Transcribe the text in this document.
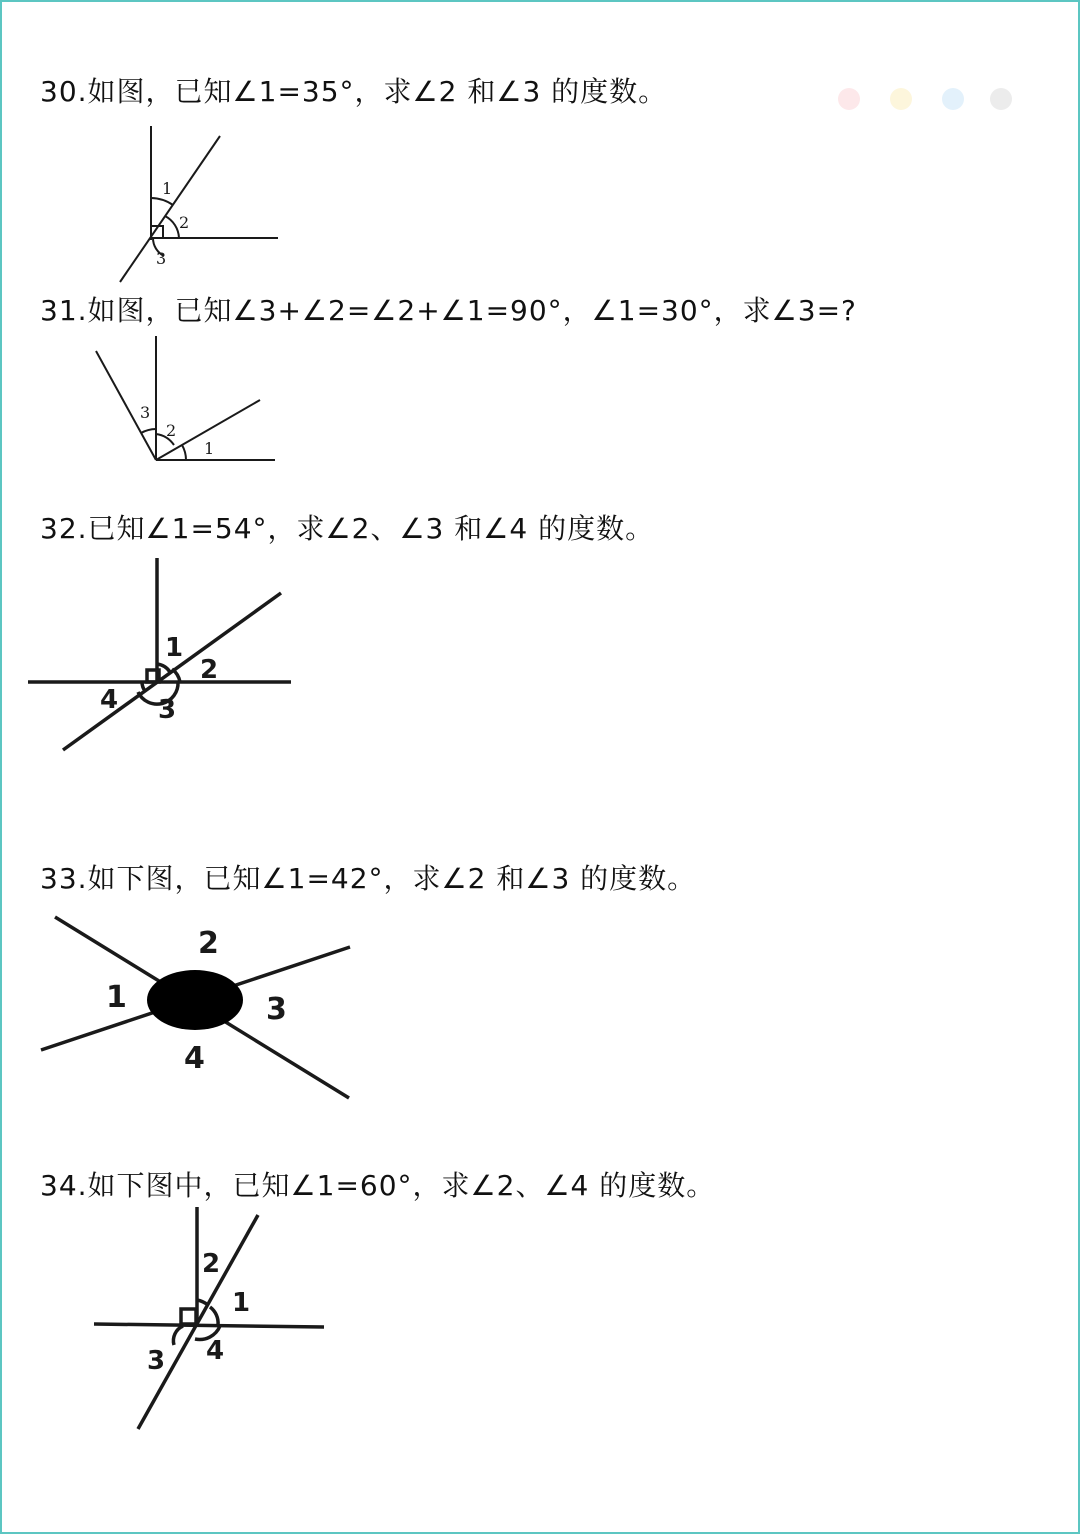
30.如图，已知∠1=35°，求∠2 和∠3 的度数。
1
2
3
31.如图，已知∠3+∠2=∠2+∠1=90°，∠1=30°，求∠3=?
3
2
1
32.已知∠1=54°，求∠2、∠3 和∠4 的度数。
1
2
4 3
33.如下图，已知∠1=42°，求∠2 和∠3 的度数。
2
1	3
4
34.如下图中，已知∠1=60°，求∠2、∠4 的度数。
2
1
3 4
